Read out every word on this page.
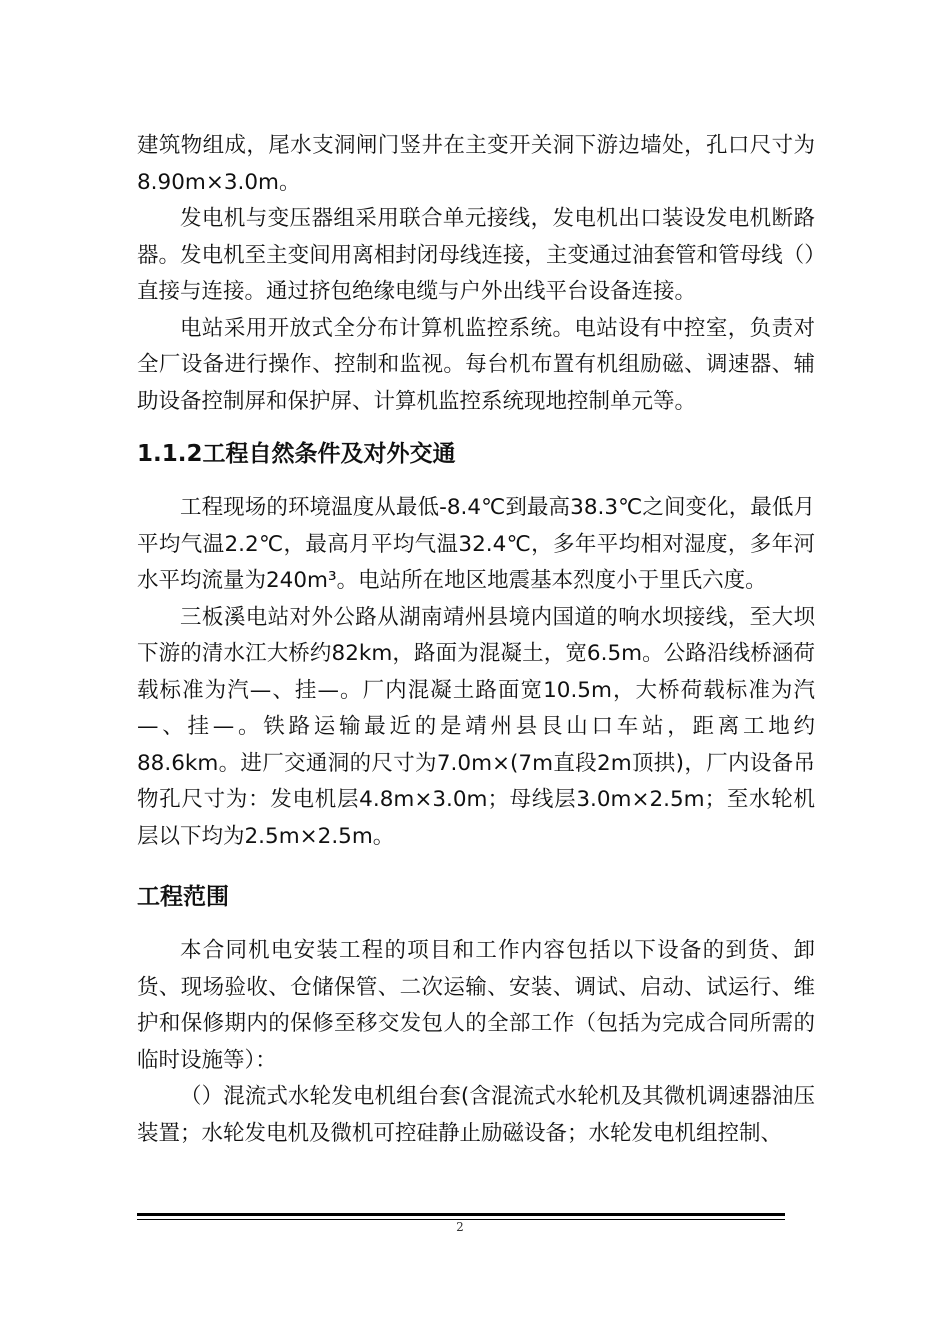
建筑物组成，尾水支洞闸门竖井在主变开关洞下游边墙处，孔口尺寸为8.90m×3.0m。

发电机与变压器组采用联合单元接线，发电机出口装设发电机断路器。发电机至主变间用离相封闭母线连接，主变通过油套管和管母线（）直接与连接。通过挤包绝缘电缆与户外出线平台设备连接。

电站采用开放式全分布计算机监控系统。电站设有中控室，负责对全厂设备进行操作、控制和监视。每台机布置有机组励磁、调速器、辅助设备控制屏和保护屏、计算机监控系统现地控制单元等。

1.1.2工程自然条件及对外交通

工程现场的环境温度从最低-8.4℃到最高38.3℃之间变化，最低月平均气温2.2℃，最高月平均气温32.4℃，多年平均相对湿度，多年河水平均流量为240m³。电站所在地区地震基本烈度小于里氏六度。

三板溪电站对外公路从湖南靖州县境内国道的响水坝接线，至大坝下游的清水江大桥约82km，路面为混凝土，宽6.5m。公路沿线桥涵荷载标准为汽—、挂—。厂内混凝土路面宽10.5m，大桥荷载标准为汽—、挂—。铁路运输最近的是靖州县艮山口车站，距离工地约88.6km。进厂交通洞的尺寸为7.0m×(7m直段2m顶拱)，厂内设备吊物孔尺寸为：发电机层4.8m×3.0m；母线层3.0m×2.5m；至水轮机层以下均为2.5m×2.5m。

工程范围

本合同机电安装工程的项目和工作内容包括以下设备的到货、卸货、现场验收、仓储保管、二次运输、安装、调试、启动、试运行、维护和保修期内的保修至移交发包人的全部工作（包括为完成合同所需的临时设施等）：

（）混流式水轮发电机组台套(含混流式水轮机及其微机调速器油压装置；水轮发电机及微机可控硅静止励磁设备；水轮发电机组控制、

2
